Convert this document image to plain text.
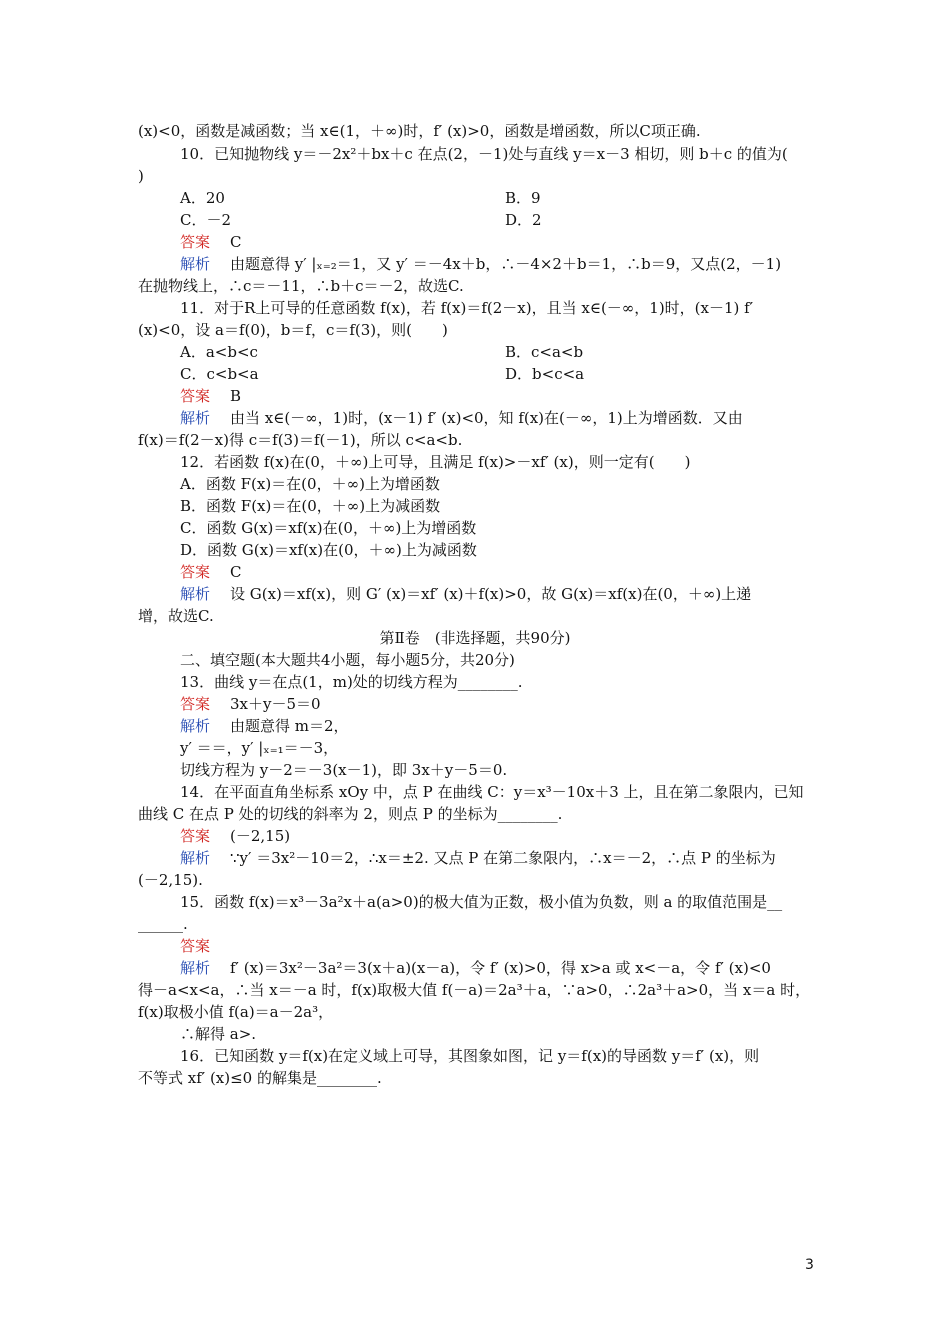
(x)<0，函数是减函数；当 x∈(1，＋∞)时，f′ (x)>0，函数是增函数，所以C项正确.
10．已知抛物线 y＝－2x²＋bx＋c 在点(2，－1)处与直线 y＝x－3 相切，则 b＋c 的值为(
)
A．20	B．9
C．－2	D．2
答案 C
解析 由题意得 y′ |ₓ₌₂＝1，又 y′ ＝－4x＋b，∴－4×2＋b＝1，∴b＝9，又点(2，－1)
在抛物线上，∴c＝－11，∴b＋c＝－2，故选C.
11．对于R上可导的任意函数 f(x)，若 f(x)＝f(2－x)，且当 x∈(－∞，1)时，(x－1) f′
(x)<0，设 a＝f(0)，b＝f，c＝f(3)，则(　　)
A．a<b<c	B．c<a<b
C．c<b<a	D．b<c<a
答案 B
解析 由当 x∈(－∞，1)时，(x－1) f′ (x)<0，知 f(x)在(－∞，1)上为增函数．又由
f(x)＝f(2－x)得 c＝f(3)＝f(－1)，所以 c<a<b.
12．若函数 f(x)在(0，＋∞)上可导，且满足 f(x)>－xf′ (x)，则一定有(　　)
A．函数 F(x)＝在(0，＋∞)上为增函数
B．函数 F(x)＝在(0，＋∞)上为减函数
C．函数 G(x)＝xf(x)在(0，＋∞)上为增函数
D．函数 G(x)＝xf(x)在(0，＋∞)上为减函数
答案 C
解析 设 G(x)＝xf(x)，则 G′ (x)＝xf′ (x)＋f(x)>0，故 G(x)＝xf(x)在(0，＋∞)上递
增，故选C.
第Ⅱ卷　(非选择题，共90分)
二、填空题(本大题共4小题，每小题5分，共20分)
13．曲线 y＝在点(1，m)处的切线方程为________.
答案 3x＋y－5＝0
解析 由题意得 m＝2，
y′ ＝＝，y′ |ₓ₌₁＝－3，
切线方程为 y－2＝－3(x－1)，即 3x＋y－5＝0.
14．在平面直角坐标系 xOy 中，点 P 在曲线 C：y＝x³－10x＋3 上，且在第二象限内，已知
曲线 C 在点 P 处的切线的斜率为 2，则点 P 的坐标为________.
答案 (－2,15)
解析 ∵y′ ＝3x²－10＝2，∴x＝±2. 又点 P 在第二象限内，∴x＝－2，∴点 P 的坐标为
(－2,15).
15．函数 f(x)＝x³－3a²x＋a(a>0)的极大值为正数，极小值为负数，则 a 的取值范围是__
______.
答案
解析 f′ (x)＝3x²－3a²＝3(x＋a)(x－a)，令 f′ (x)>0，得 x>a 或 x<－a，令 f′ (x)<0
得－a<x<a，∴当 x＝－a 时，f(x)取极大值 f(－a)＝2a³＋a，∵a>0，∴2a³＋a>0，当 x＝a 时，
f(x)取极小值 f(a)＝a－2a³，
∴解得 a>.
16．已知函数 y＝f(x)在定义域上可导，其图象如图，记 y＝f(x)的导函数 y＝f′ (x)，则
不等式 xf′ (x)≤0 的解集是________.
3
